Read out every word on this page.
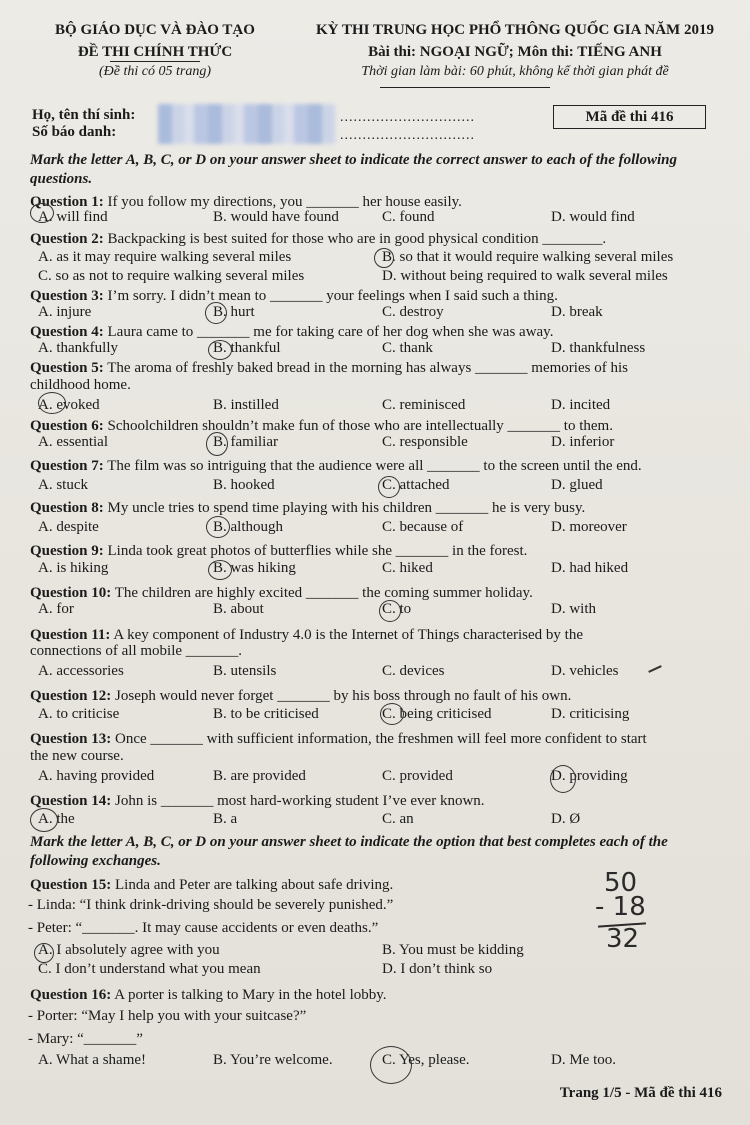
BỘ GIÁO DỤC VÀ ĐÀO TẠO
ĐỀ THI CHÍNH THỨC
(Đề thi có 05 trang)
KỲ THI TRUNG HỌC PHỔ THÔNG QUỐC GIA NĂM 2019
Bài thi: NGOẠI NGỮ; Môn thi: TIẾNG ANH
Thời gian làm bài: 60 phút, không kể thời gian phát đề
Họ, tên thí sinh:
Số báo danh:
..............................
..............................
Mã đề thi 416
Mark the letter A, B, C, or D on your answer sheet to indicate the correct answer to each of the following questions.
Question 1: If you follow my directions, you _______ her house easily.
A. will find	B. would have found	C. found	D. would find
Question 2: Backpacking is best suited for those who are in good physical condition ________.
A. as it may require walking several miles	B. so that it would require walking several miles
C. so as not to require walking several miles	D. without being required to walk several miles
Question 3: I’m sorry. I didn’t mean to _______ your feelings when I said such a thing.
A. injure	B. hurt	C. destroy	D. break
Question 4: Laura came to _______ me for taking care of her dog when she was away.
A. thankfully	B. thankful	C. thank	D. thankfulness
Question 5: The aroma of freshly baked bread in the morning has always _______ memories of his
childhood home.
A. evoked	B. instilled	C. reminisced	D. incited
Question 6: Schoolchildren shouldn’t make fun of those who are intellectually _______ to them.
A. essential	B. familiar	C. responsible	D. inferior
Question 7: The film was so intriguing that the audience were all _______ to the screen until the end.
A. stuck	B. hooked	C. attached	D. glued
Question 8: My uncle tries to spend time playing with his children _______ he is very busy.
A. despite	B. although	C. because of	D. moreover
Question 9: Linda took great photos of butterflies while she _______ in the forest.
A. is hiking	B. was hiking	C. hiked	D. had hiked
Question 10: The children are highly excited _______ the coming summer holiday.
A. for	B. about	C. to	D. with
Question 11: A key component of Industry 4.0 is the Internet of Things characterised by the
connections of all mobile _______.
A. accessories	B. utensils	C. devices	D. vehicles
Question 12: Joseph would never forget _______ by his boss through no fault of his own.
A. to criticise	B. to be criticised	C. being criticised	D. criticising
Question 13: Once _______ with sufficient information, the freshmen will feel more confident to start
the new course.
A. having provided	B. are provided	C. provided	D. providing
Question 14: John is _______ most hard-working student I’ve ever known.
A. the	B. a	C. an	D. Ø
Question 15: Linda and Peter are talking about safe driving.
- Linda: “I think drink-driving should be severely punished.”
- Peter: “_______. It may cause accidents or even deaths.”
A. I absolutely agree with you	B. You must be kidding
C. I don’t understand what you mean	D. I don’t think so
Question 16: A porter is talking to Mary in the hotel lobby.
- Porter: “May I help you with your suitcase?”
- Mary: “_______”
A. What a shame!	B. You’re welcome.	C. Yes, please.	D. Me too.
Mark the letter A, B, C, or D on your answer sheet to indicate the option that best completes each of the following exchanges.
50
- 18
32
Trang 1/5 - Mã đề thi 416
